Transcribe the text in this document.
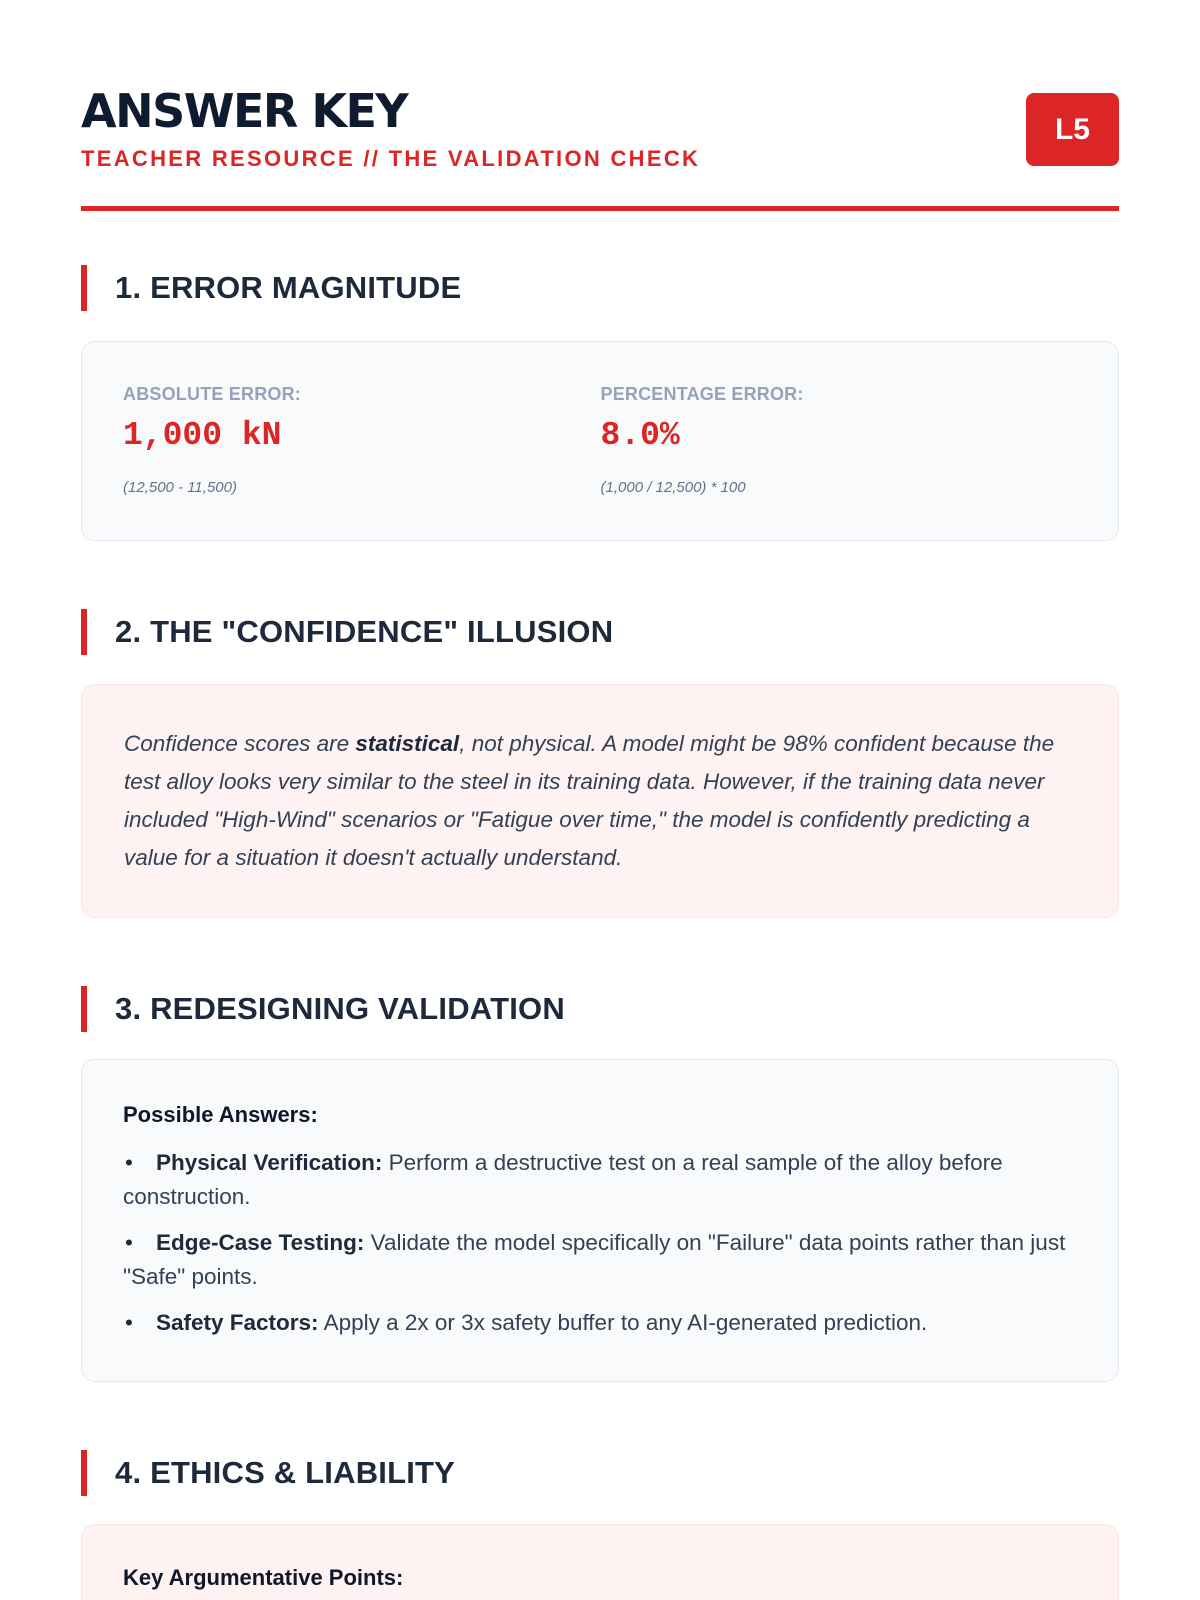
ANSWER KEY
TEACHER RESOURCE // THE VALIDATION CHECK
L5
1. ERROR MAGNITUDE
ABSOLUTE ERROR:
1,000 kN
(12,500 - 11,500)
PERCENTAGE ERROR:
8.0%
(1,000 / 12,500) * 100
2. THE "CONFIDENCE" ILLUSION
Confidence scores are statistical, not physical. A model might be 98% confident because the test alloy looks very similar to the steel in its training data. However, if the training data never included "High-Wind" scenarios or "Fatigue over time," the model is confidently predicting a value for a situation it doesn't actually understand.
3. REDESIGNING VALIDATION
Possible Answers:
• Physical Verification: Perform a destructive test on a real sample of the alloy before construction.
• Edge-Case Testing: Validate the model specifically on "Failure" data points rather than just "Safe" points.
• Safety Factors: Apply a 2x or 3x safety buffer to any AI-generated prediction.
4. ETHICS & LIABILITY
Key Argumentative Points:
